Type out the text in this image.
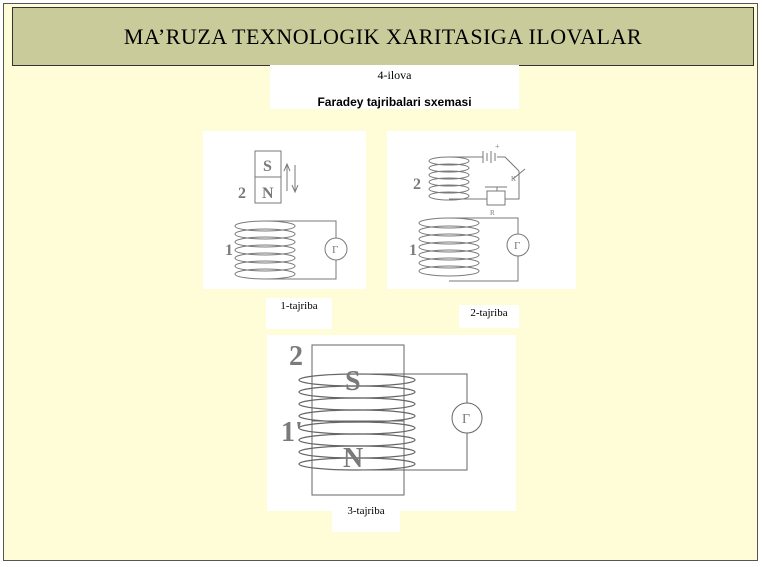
MA’RUZA TEXNOLOGIK XARITASIGA ILOVALAR
4-ilova
Faradey tajribalari sxemasi
S
N
2
1	Г
1-tajriba
+
K
R
2
1	Г
2-tajriba
S
N
2
1'	Г
3-tajriba
